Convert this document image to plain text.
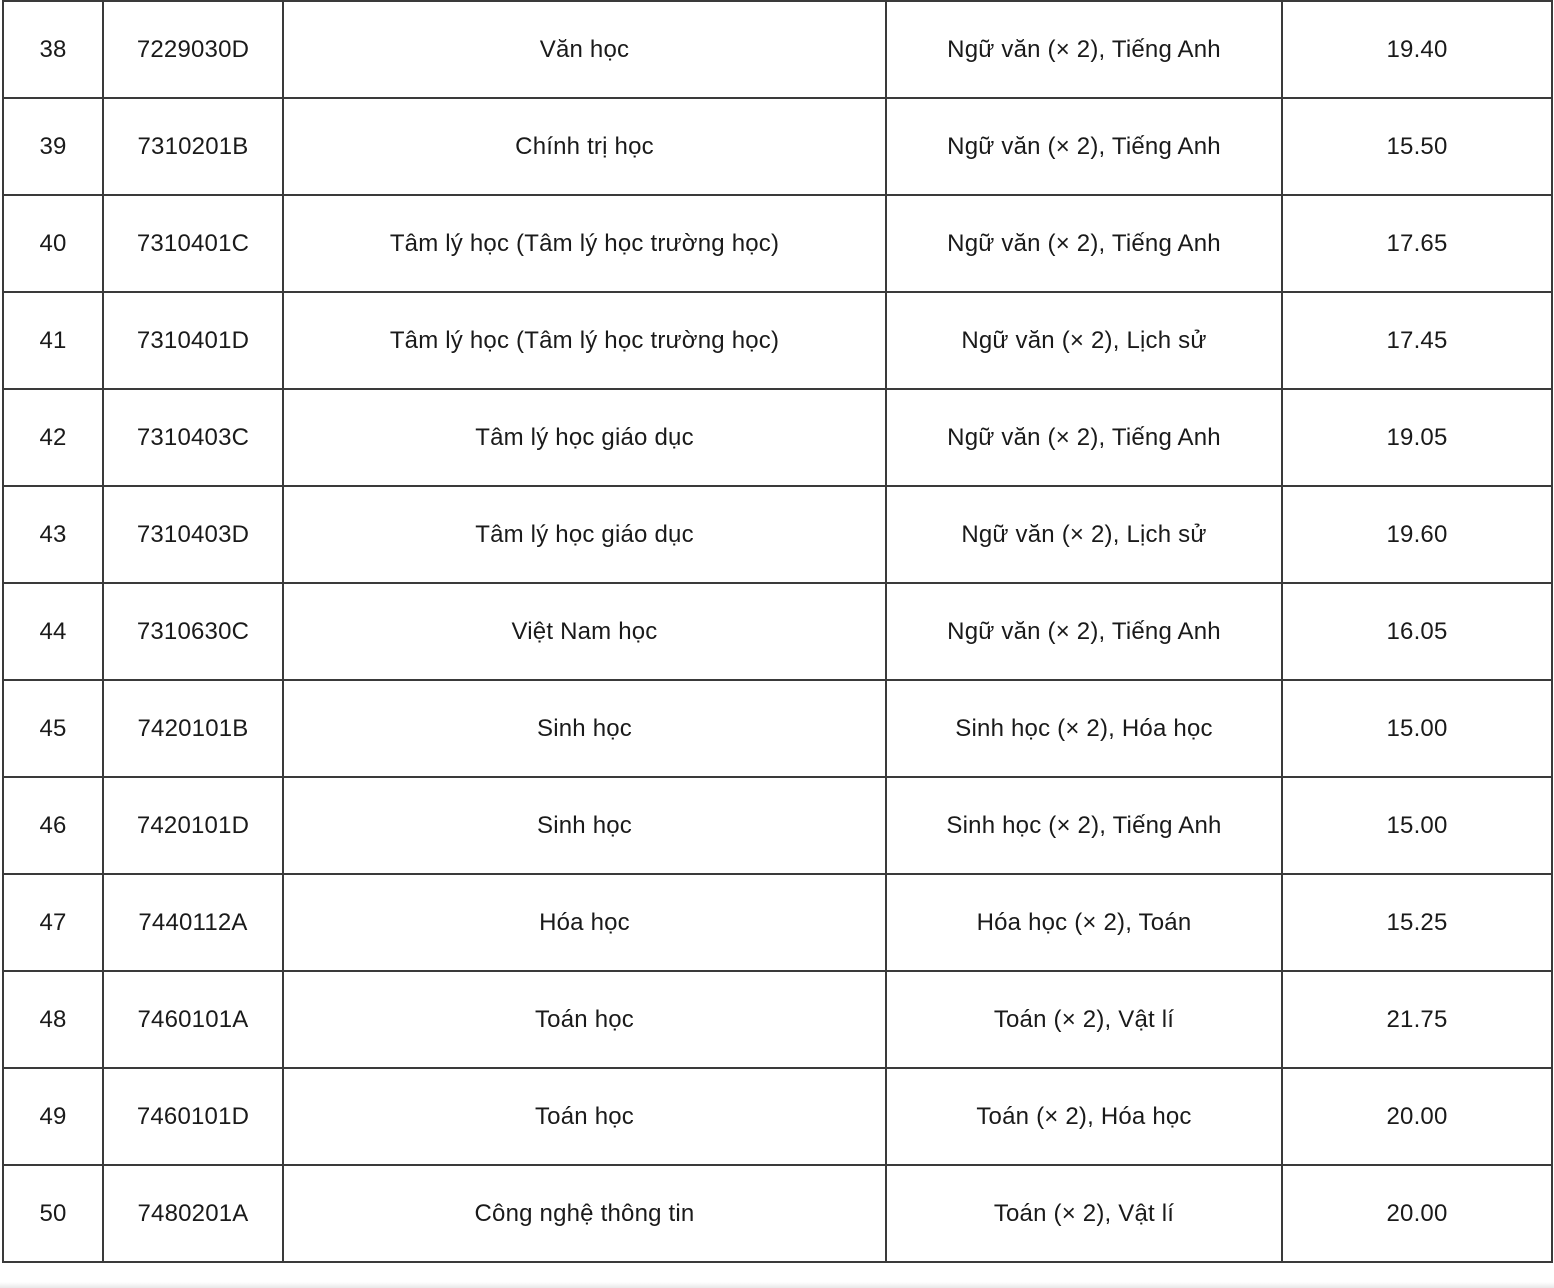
38	7229030D	Văn học	Ngữ văn (× 2), Tiếng Anh	19.40
39	7310201B	Chính trị học	Ngữ văn (× 2), Tiếng Anh	15.50
40	7310401C	Tâm lý học (Tâm lý học trường học)	Ngữ văn (× 2), Tiếng Anh	17.65
41	7310401D	Tâm lý học (Tâm lý học trường học)	Ngữ văn (× 2), Lịch sử	17.45
42	7310403C	Tâm lý học giáo dục	Ngữ văn (× 2), Tiếng Anh	19.05
43	7310403D	Tâm lý học giáo dục	Ngữ văn (× 2), Lịch sử	19.60
44	7310630C	Việt Nam học	Ngữ văn (× 2), Tiếng Anh	16.05
45	7420101B	Sinh học	Sinh học (× 2), Hóa học	15.00
46	7420101D	Sinh học	Sinh học (× 2), Tiếng Anh	15.00
47	7440112A	Hóa học	Hóa học (× 2), Toán	15.25
48	7460101A	Toán học	Toán (× 2), Vật lí	21.75
49	7460101D	Toán học	Toán (× 2), Hóa học	20.00
50	7480201A	Công nghệ thông tin	Toán (× 2), Vật lí	20.00
